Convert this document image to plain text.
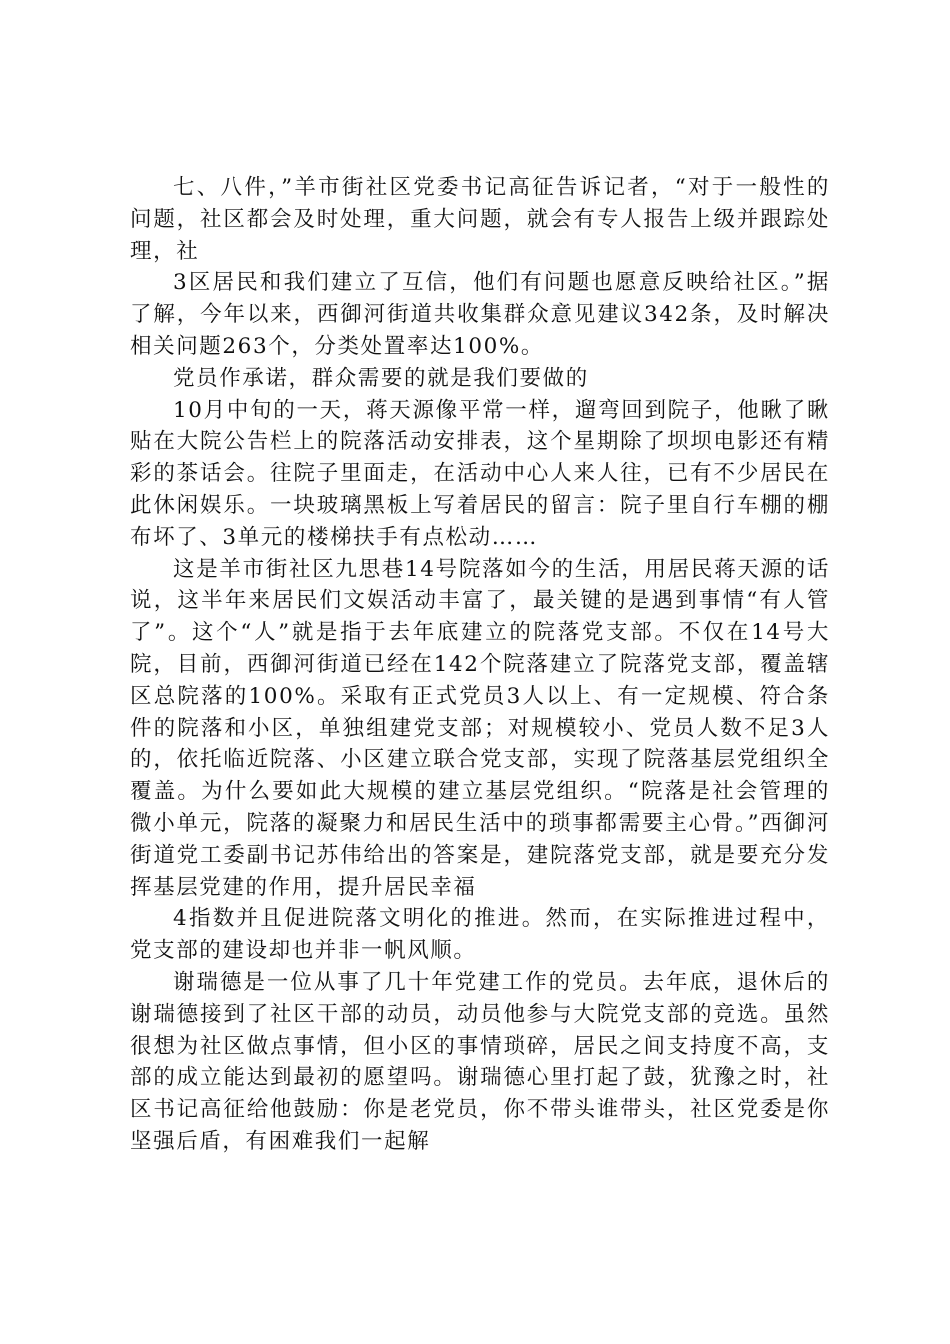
七、八件，”羊市街社区党委书记高征告诉记者，“对于一般性的问题，社区都会及时处理，重大问题，就会有专人报告上级并跟踪处理，社

3区居民和我们建立了互信，他们有问题也愿意反映给社区。”据了解，今年以来，西御河街道共收集群众意见建议342条，及时解决相关问题263个，分类处置率达100%。

党员作承诺，群众需要的就是我们要做的

10月中旬的一天，蒋天源像平常一样，遛弯回到院子，他瞅了瞅贴在大院公告栏上的院落活动安排表，这个星期除了坝坝电影还有精彩的茶话会。往院子里面走，在活动中心人来人往，已有不少居民在此休闲娱乐。一块玻璃黑板上写着居民的留言：院子里自行车棚的棚布坏了、3单元的楼梯扶手有点松动……

这是羊市街社区九思巷14号院落如今的生活，用居民蒋天源的话说，这半年来居民们文娱活动丰富了，最关键的是遇到事情“有人管了”。这个“人”就是指于去年底建立的院落党支部。不仅在14号大院，目前，西御河街道已经在142个院落建立了院落党支部，覆盖辖区总院落的100%。采取有正式党员3人以上、有一定规模、符合条件的院落和小区，单独组建党支部；对规模较小、党员人数不足3人的，依托临近院落、小区建立联合党支部，实现了院落基层党组织全覆盖。为什么要如此大规模的建立基层党组织。“院落是社会管理的微小单元，院落的凝聚力和居民生活中的琐事都需要主心骨。”西御河街道党工委副书记苏伟给出的答案是，建院落党支部，就是要充分发挥基层党建的作用，提升居民幸福

4指数并且促进院落文明化的推进。然而，在实际推进过程中，党支部的建设却也并非一帆风顺。

谢瑞德是一位从事了几十年党建工作的党员。去年底，退休后的谢瑞德接到了社区干部的动员，动员他参与大院党支部的竞选。虽然很想为社区做点事情，但小区的事情琐碎，居民之间支持度不高，支部的成立能达到最初的愿望吗。谢瑞德心里打起了鼓，犹豫之时，社区书记高征给他鼓励：你是老党员，你不带头谁带头，社区党委是你坚强后盾，有困难我们一起解
